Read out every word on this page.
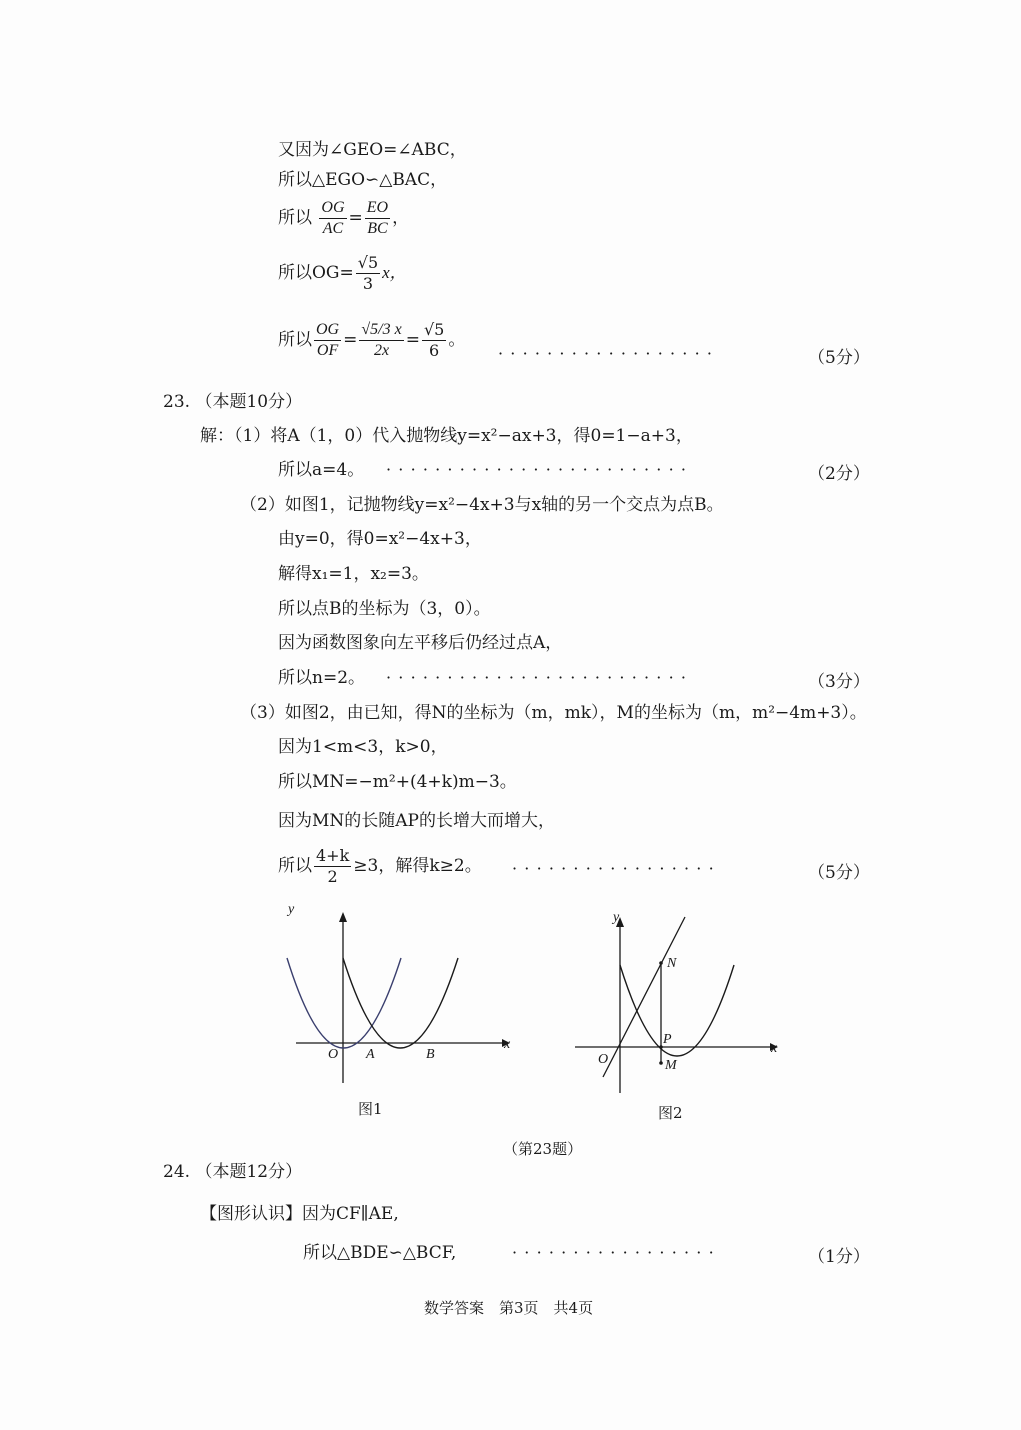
又因为∠GEO=∠ABC，
所以△EGO∽△BAC，
所以 $\frac{OG}{AC} = \frac{EO}{BC}$ ，
所以$OG= \frac{√5}{3}$ x，
所以 $\frac{OG}{OF} = \frac{√5/3 x}{2x} = \frac{√5}{6}$ 。
··················	（5分）
23. （本题10分）
解：（1）将A（1，0）代入抛物线y=x²−ax+3，得0=1−a+3，
所以a=4。 ·························	（2分）
（2）如图1，记抛物线y=x²−4x+3与x轴的另一个交点为点B。
由y=0，得0=x²−4x+3，
解得x₁=1，x₂=3。
所以点B的坐标为（3，0）。
因为函数图象向左平移后仍经过点A，
所以n=2。 ·························	（3分）
（3）如图2，由已知，得N的坐标为（m，mk），M的坐标为（m，m²−4m+3）。
因为1<m<3，k>0，
所以MN=−m²+(4+k)m−3。
因为MN的长随AP的长增大而增大，
所以 $\frac{4+k}{2} \ge 3$，解得k≥2。 ·················	（5分）
y
x
O A	B
图1
y
x
O
N
P
M
图2
（第23题）
24. （本题12分）
【图形认识】因为CF∥AE,
所以△BDE∽△BCF,	·················	（1分）
数学答案　第3页　共4页
